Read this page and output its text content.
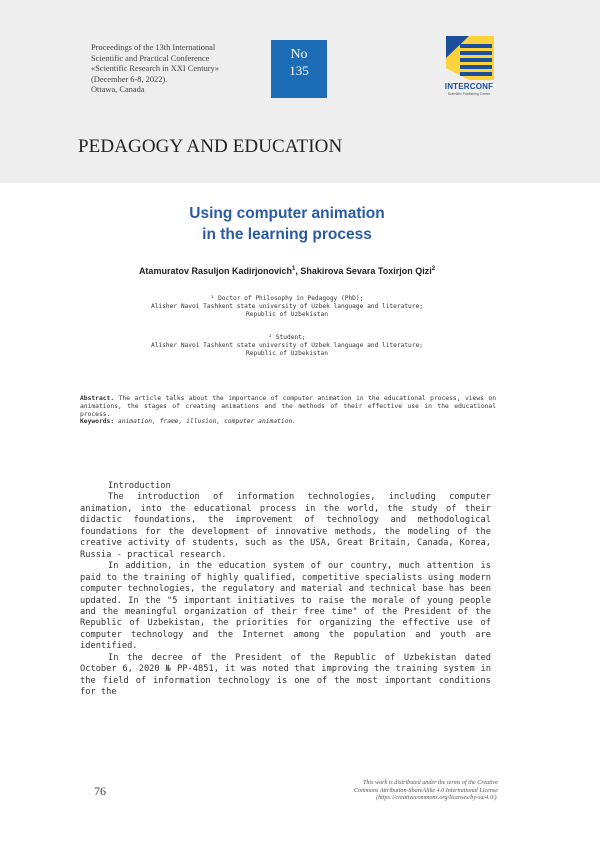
Proceedings of the 13th International
Scientific and Practical Conference
«Scientific Research in XXI Century»
(December 6-8, 2022).
Ottawa, Canada
No
135
INTERCONF
Scientific Publishing Center
PEDAGOGY AND EDUCATION
Using computer animation
in the learning process
Atamuratov Rasuljon Kadirjonovich$^1$, Shakirova Sevara Toxirjon Qizi$^2$
¹ Doctor of Philosophy in Pedagogy (PhD);
Alisher Navoi Tashkent state university of Uzbek language and literature;
Republic of Uzbekistan
² Student;
Alisher Navoi Tashkent state university of Uzbek language and literature;
Republic of Uzbekistan
Abstract. The article talks about the importance of computer animation in the educational process, views on animations, the stages of creating animations and the methods of their effective use in the educational process.
Keywords: animation, frame, illusion, computer animation.
Introduction

The introduction of information technologies, including computer animation, into the educational process in the world, the study of their didactic foundations, the improvement of technology and methodological foundations for the development of innovative methods, the modeling of the creative activity of students, such as the USA, Great Britain, Canada, Korea, Russia - practical research.

In addition, in the education system of our country, much attention is paid to the training of highly qualified, competitive specialists using modern computer technologies, the regulatory and material and technical base has been updated. In the "5 important initiatives to raise the morale of young people and the meaningful organization of their free time" of the President of the Republic of Uzbekistan, the priorities for organizing the effective use of computer technology and the Internet among the population and youth are identified.

In the decree of the President of the Republic of Uzbekistan dated October 6, 2020 № PP-4851, it was noted that improving the training system in the field of information technology is one of the most important conditions for the

76
This work is distributed under the terms of the Creative
Commons Attribution-ShareAlike 4.0 International License
(https://creativecommons.org/licenses/by-sa/4.0/).
